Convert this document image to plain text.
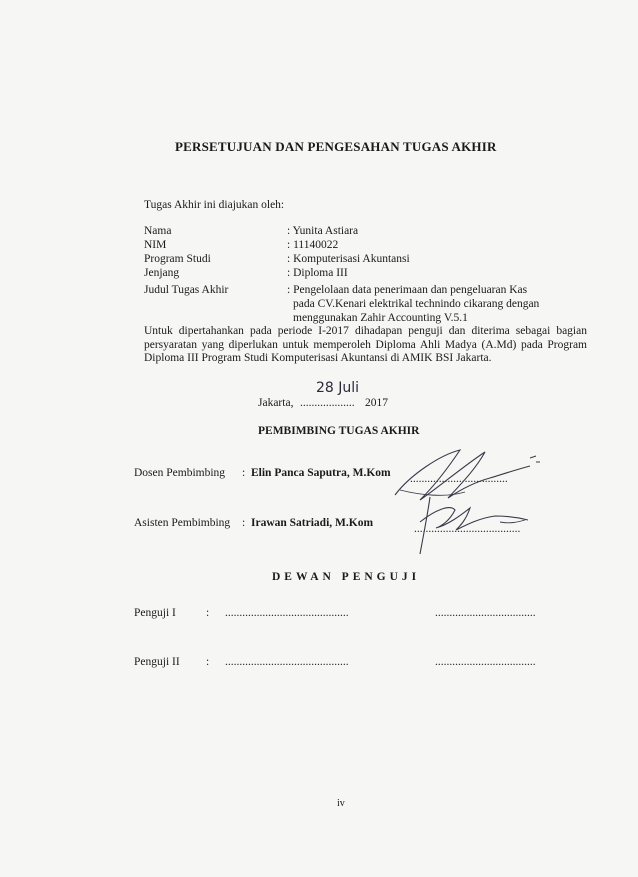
PERSETUJUAN DAN PENGESAHAN TUGAS AKHIR
Tugas Akhir ini diajukan oleh:
Nama	: Yunita Astiara
NIM	: 11140022
Program Studi	: Komputerisasi Akuntansi
Jenjang	: Diploma III
Judul Tugas Akhir	: Pengelolaan data penerimaan dan pengeluaran Kas
pada CV.Kenari elektrikal technindo cikarang dengan
menggunakan Zahir Accounting V.5.1
Untuk dipertahankan pada periode I-2017 dihadapan penguji dan diterima sebagai bagian persyaratan yang diperlukan untuk memperoleh Diploma Ahli Madya (A.Md) pada Program Diploma III Program Studi Komputerisasi Akuntansi di AMIK BSI Jakarta.
Jakarta, ...................
28 Juli
2017
PEMBIMBING TUGAS AKHIR
Dosen Pembimbing : Elin Panca Saputra, M.Kom ..................................
Asisten Pembimbing : Irawan Satriadi, M.Kom	.....................................
DEWAN PENGUJI
Penguji I	: ...........................................	...................................
Penguji II : ...........................................	...................................
iv
